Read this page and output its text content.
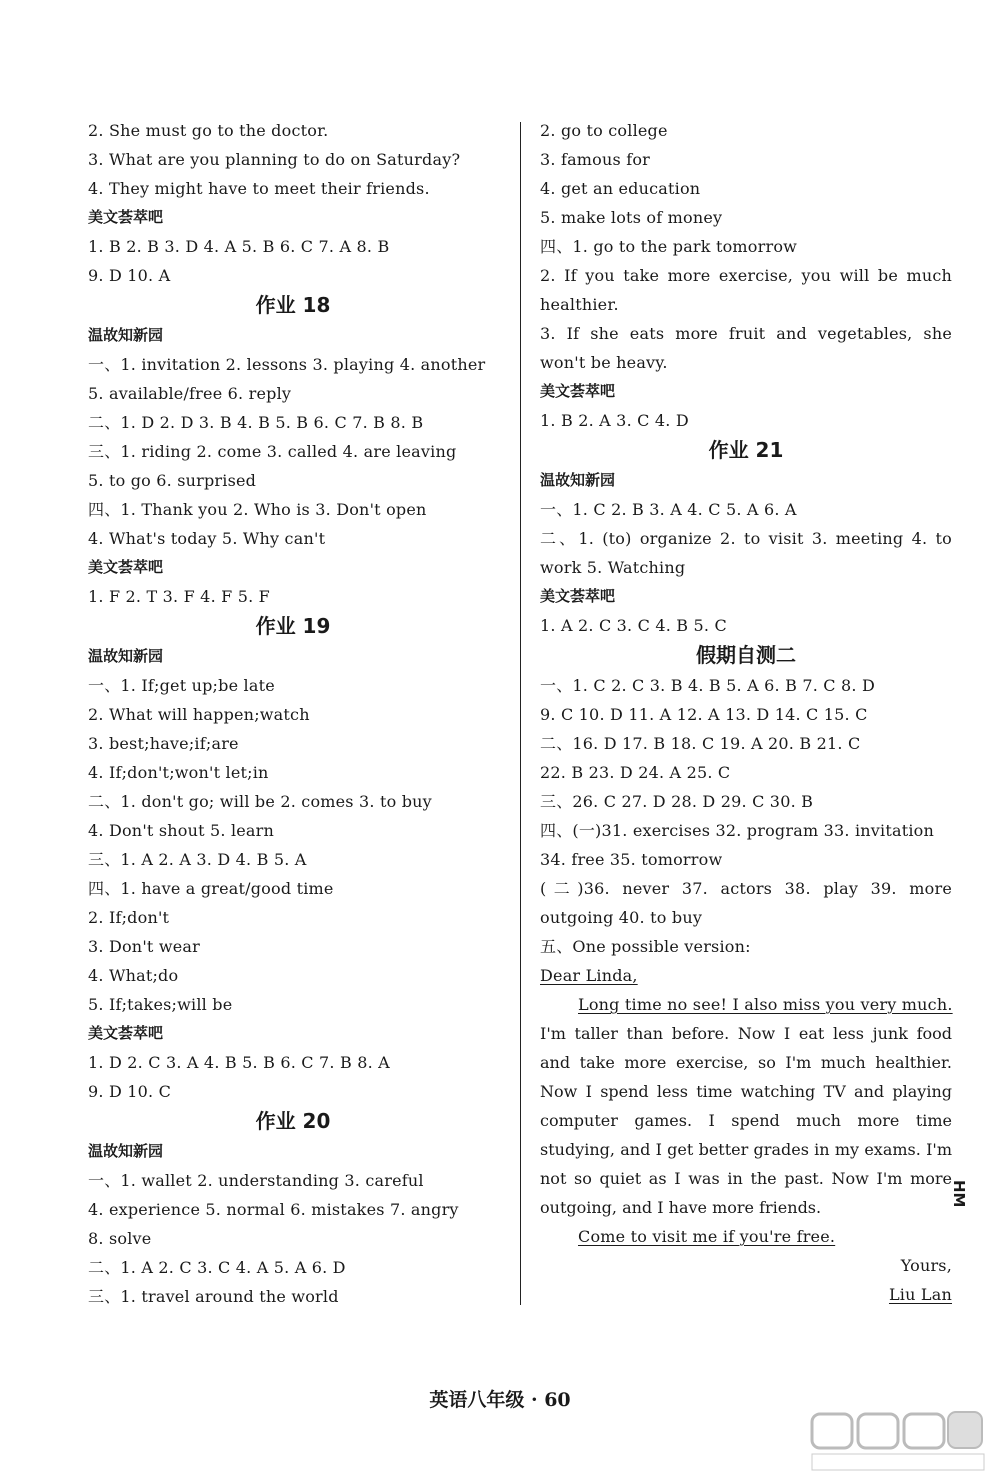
2. She must go to the doctor.
3. What are you planning to do on Saturday?
4. They might have to meet their friends.
美文荟萃吧
1. B 2. B 3. D 4. A 5. B 6. C 7. A 8. B
9. D 10. A
作业 18
温故知新园
一、1. invitation 2. lessons 3. playing 4. another
5. available/free 6. reply
二、1. D 2. D 3. B 4. B 5. B 6. C 7. B 8. B
三、1. riding 2. come 3. called 4. are leaving
5. to go 6. surprised
四、1. Thank you 2. Who is 3. Don't open
4. What's today 5. Why can't
美文荟萃吧
1. F 2. T 3. F 4. F 5. F
作业 19
温故知新园
一、1. If;get up;be late
2. What will happen;watch
3. best;have;if;are
4. If;don't;won't let;in
二、1. don't go; will be 2. comes 3. to buy
4. Don't shout 5. learn
三、1. A 2. A 3. D 4. B 5. A
四、1. have a great/good time
2. If;don't
3. Don't wear
4. What;do
5. If;takes;will be
美文荟萃吧
1. D 2. C 3. A 4. B 5. B 6. C 7. B 8. A
9. D 10. C
作业 20
温故知新园
一、1. wallet 2. understanding 3. careful
4. experience 5. normal 6. mistakes 7. angry
8. solve
二、1. A 2. C 3. C 4. A 5. A 6. D
三、1. travel around the world
2. go to college
3. famous for
4. get an education
5. make lots of money
四、1. go to the park tomorrow
2. If you take more exercise, you will be much healthier.
3. If she eats more fruit and vegetables, she won't be heavy.
美文荟萃吧
1. B 2. A 3. C 4. D
作业 21
温故知新园
一、1. C 2. B 3. A 4. C 5. A 6. A
二、1. (to) organize 2. to visit 3. meeting 4. to work 5. Watching
美文荟萃吧
1. A 2. C 3. C 4. B 5. C
假期自测二
一、1. C 2. C 3. B 4. B 5. A 6. B 7. C 8. D
9. C 10. D 11. A 12. A 13. D 14. C 15. C
二、16. D 17. B 18. C 19. A 20. B 21. C
22. B 23. D 24. A 25. C
三、26. C 27. D 28. D 29. C 30. B
四、(一)31. exercises 32. program 33. invitation
34. free 35. tomorrow
(二)36. never 37. actors 38. play 39. more outgoing 40. to buy
五、One possible version:
Dear Linda,
Long time no see! I also miss you very much.
I'm taller than before. Now I eat less junk food and take more exercise, so I'm much healthier. Now I spend less time watching TV and playing computer games. I spend much more time studying, and I get better grades in my exams. I'm not so quiet as I was in the past. Now I'm more outgoing, and I have more friends.
Come to visit me if you're free.
Yours,
Liu Lan
英语八年级 · 60
HM
